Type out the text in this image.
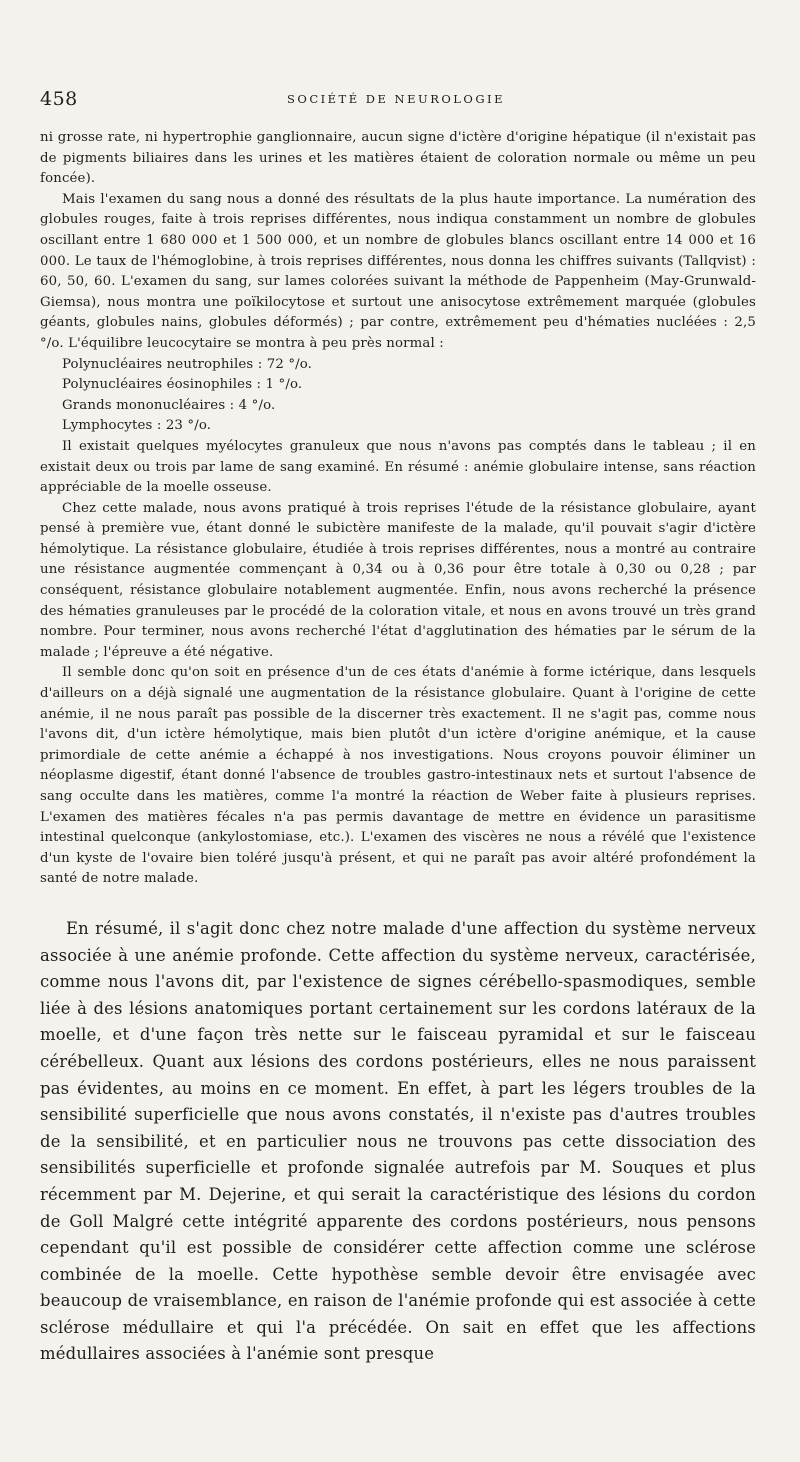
458	SOCIÉTÉ DE NEUROLOGIE

ni grosse rate, ni hypertrophie ganglionnaire, aucun signe d'ictère d'origine hépatique (il n'existait pas de pigments biliaires dans les urines et les matières étaient de coloration normale ou même un peu foncée).

Mais l'examen du sang nous a donné des résultats de la plus haute importance. La numération des globules rouges, faite à trois reprises différentes, nous indiqua constamment un nombre de globules oscillant entre 1 680 000 et 1 500 000, et un nombre de globules blancs oscillant entre 14 000 et 16 000. Le taux de l'hémoglobine, à trois reprises différentes, nous donna les chiffres suivants (Tallqvist) : 60, 50, 60. L'examen du sang, sur lames colorées suivant la méthode de Pappenheim (May-Grunwald-Giemsa), nous montra une poïkilocytose et surtout une anisocytose extrêmement marquée (globules géants, globules nains, globules déformés) ; par contre, extrêmement peu d'hématies nucléées : 2,5 °/o. L'équilibre leucocytaire se montra à peu près normal :

Polynucléaires neutrophiles : 72 °/o.

Polynucléaires éosinophiles : 1 °/o.

Grands mononucléaires : 4 °/o.

Lymphocytes : 23 °/o.

Il existait quelques myélocytes granuleux que nous n'avons pas comptés dans le tableau ; il en existait deux ou trois par lame de sang examiné. En résumé : anémie globulaire intense, sans réaction appréciable de la moelle osseuse.

Chez cette malade, nous avons pratiqué à trois reprises l'étude de la résistance globulaire, ayant pensé à première vue, étant donné le subictère manifeste de la malade, qu'il pouvait s'agir d'ictère hémolytique. La résistance globulaire, étudiée à trois reprises différentes, nous a montré au contraire une résistance augmentée commençant à 0,34 ou à 0,36 pour être totale à 0,30 ou 0,28 ; par conséquent, résistance globulaire notablement augmentée. Enfin, nous avons recherché la présence des hématies granuleuses par le procédé de la coloration vitale, et nous en avons trouvé un très grand nombre. Pour terminer, nous avons recherché l'état d'agglutination des hématies par le sérum de la malade ; l'épreuve a été négative.

Il semble donc qu'on soit en présence d'un de ces états d'anémie à forme ictérique, dans lesquels d'ailleurs on a déjà signalé une augmentation de la résistance globulaire. Quant à l'origine de cette anémie, il ne nous paraît pas possible de la discerner très exactement. Il ne s'agit pas, comme nous l'avons dit, d'un ictère hémolytique, mais bien plutôt d'un ictère d'origine anémique, et la cause primordiale de cette anémie a échappé à nos investigations. Nous croyons pouvoir éliminer un néoplasme digestif, étant donné l'absence de troubles gastro-intestinaux nets et surtout l'absence de sang occulte dans les matières, comme l'a montré la réaction de Weber faite à plusieurs reprises. L'examen des matières fécales n'a pas permis davantage de mettre en évidence un parasitisme intestinal quelconque (ankylostomiase, etc.). L'examen des viscères ne nous a révélé que l'existence d'un kyste de l'ovaire bien toléré jusqu'à présent, et qui ne paraît pas avoir altéré profondément la santé de notre malade.

En résumé, il s'agit donc chez notre malade d'une affection du système nerveux associée à une anémie profonde. Cette affection du système nerveux, caractérisée, comme nous l'avons dit, par l'existence de signes cérébello-spasmodiques, semble liée à des lésions anatomiques portant certainement sur les cordons latéraux de la moelle, et d'une façon très nette sur le faisceau pyramidal et sur le faisceau cérébelleux. Quant aux lésions des cordons postérieurs, elles ne nous paraissent pas évidentes, au moins en ce moment. En effet, à part les légers troubles de la sensibilité superficielle que nous avons constatés, il n'existe pas d'autres troubles de la sensibilité, et en particulier nous ne trouvons pas cette dissociation des sensibilités superficielle et profonde signalée autrefois par M. Souques et plus récemment par M. Dejerine, et qui serait la caractéristique des lésions du cordon de Goll Malgré cette intégrité apparente des cordons postérieurs, nous pensons cependant qu'il est possible de considérer cette affection comme une sclérose combinée de la moelle. Cette hypothèse semble devoir être envisagée avec beaucoup de vraisemblance, en raison de l'anémie profonde qui est associée à cette sclérose médullaire et qui l'a précédée. On sait en effet que les affections médullaires associées à l'anémie sont presque
